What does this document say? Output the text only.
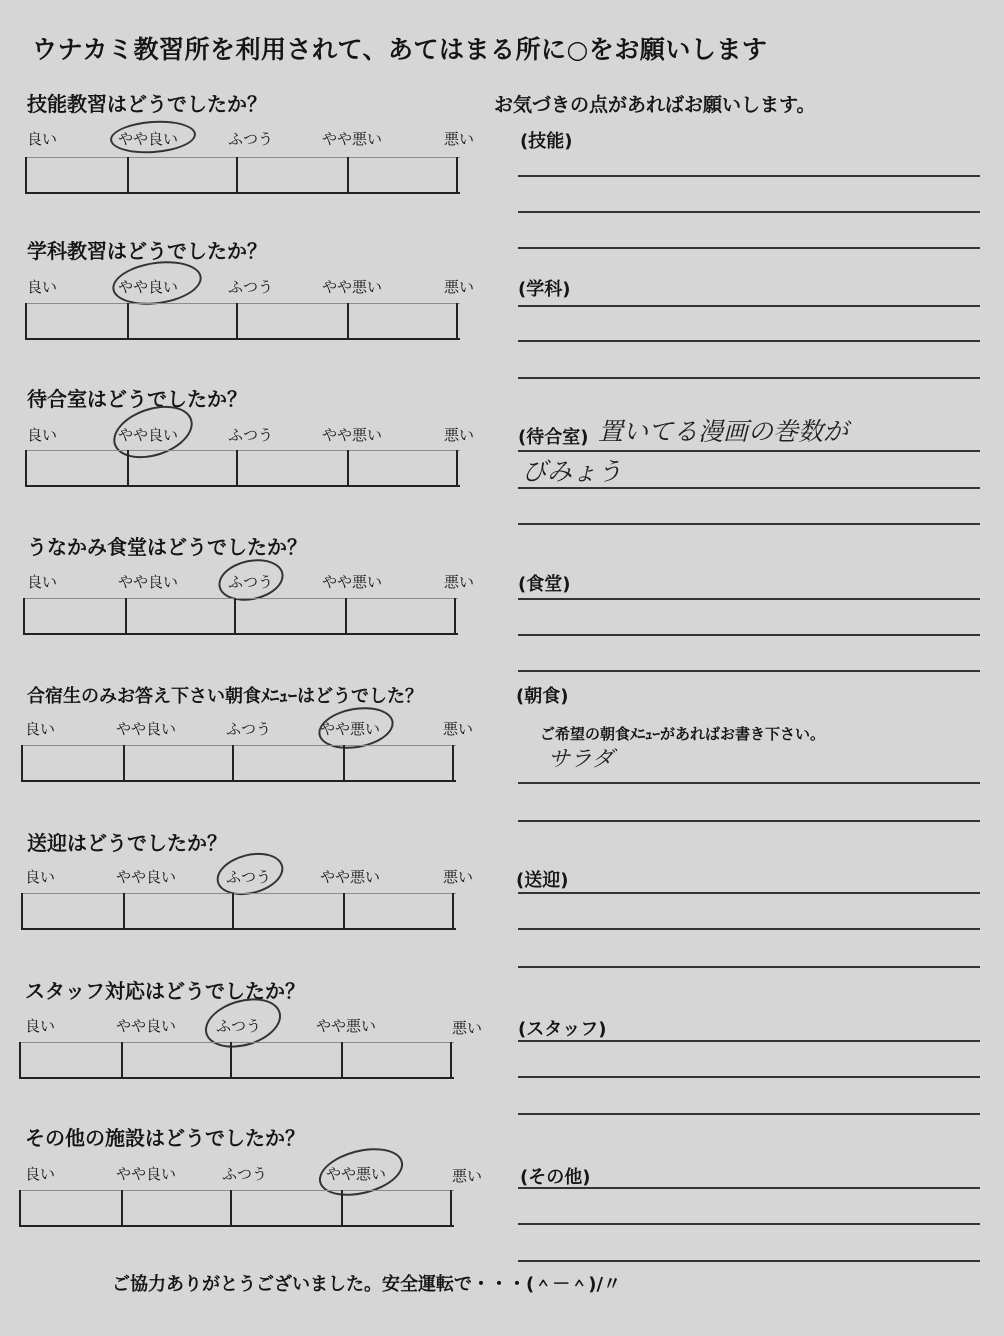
ウナカミ教習所を利用されて、あてはまる所に○をお願いします
お気づきの点があればお願いします。
技能教習はどうでしたか？
良い	やや良い	ふつう	やや悪い	悪い	(技能)
学科教習はどうでしたか？
良い	やや良い	ふつう	やや悪い	悪い (学科)
待合室はどうでしたか？
良い	やや良い	ふつう	やや悪い	悪い (待合室) 置いてる漫画の巻数が
びみょう
うなかみ食堂はどうでしたか？
良い	やや良い	ふつう	やや悪い	悪い (食堂)
合宿生のみお答え下さい朝食ﾒﾆｭｰはどうでした？	(朝食)
良い	やや良い	ふつう	やや悪い	悪い	ご希望の朝食ﾒﾆｭｰがあればお書き下さい。
サラダ
送迎はどうでしたか？
良い	やや良い	ふつう	やや悪い	悪い (送迎)
スタッフ対応はどうでしたか？
良い	やや良い	ふつう	やや悪い	悪い (スタッフ)
その他の施設はどうでしたか？
良い	やや良い	ふつう	やや悪い	悪い (その他)
ご協力ありがとうございました。安全運転で・・・(＾－＾)/〃
